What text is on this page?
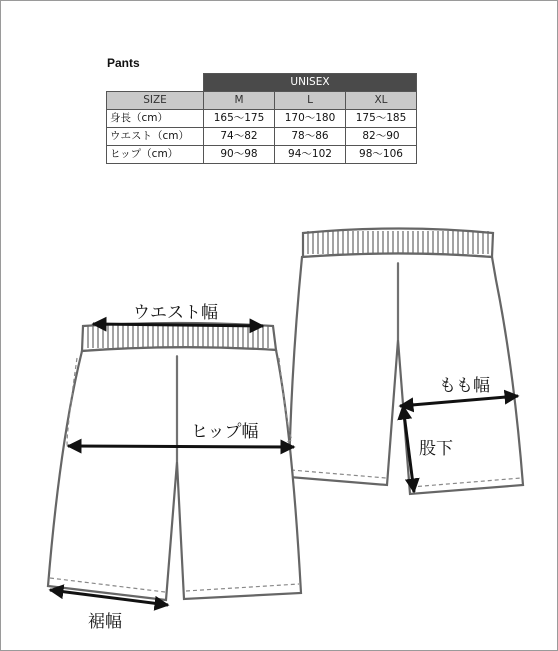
Pants
	UNISEX		
SIZE	M	L	XL
身長（cm）	165〜175	170〜180	175〜185
ウエスト（cm）	74〜82	78〜86	82〜90
ヒップ（cm）	90〜98	94〜102	98〜106
ウエスト幅
ヒップ幅
裾幅
もも幅
股下
